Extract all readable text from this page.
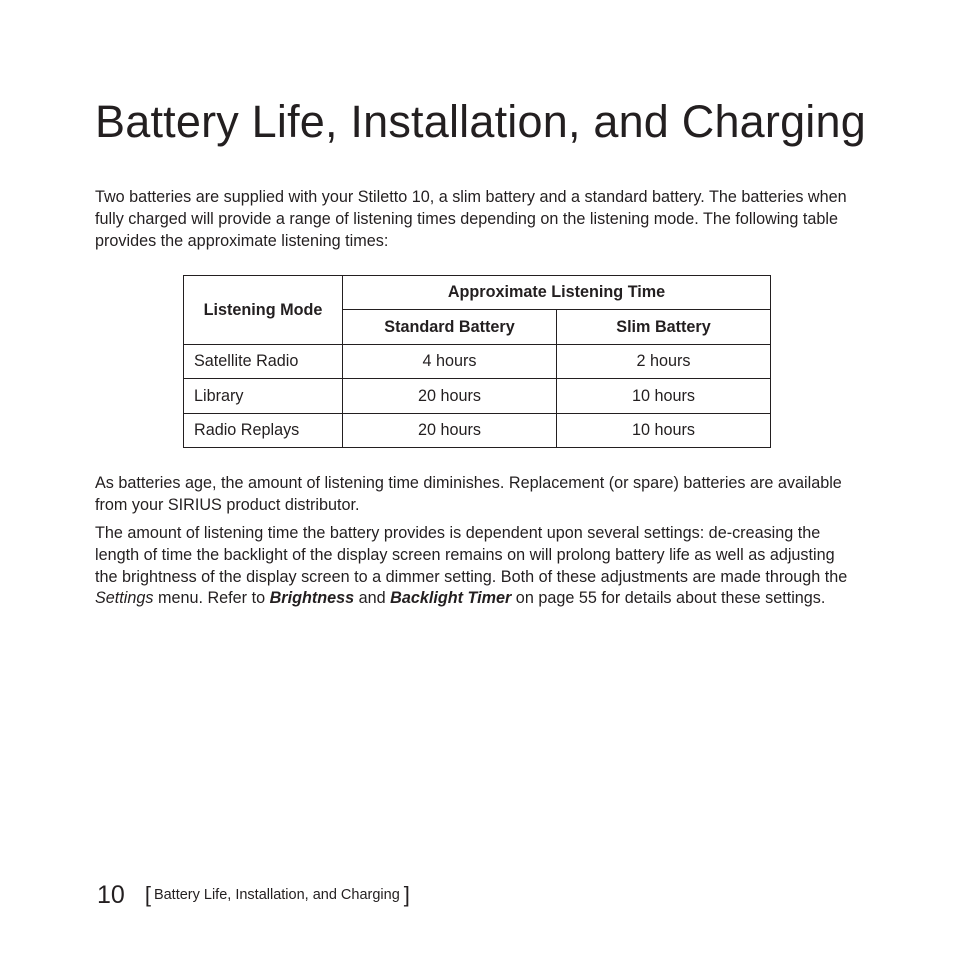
Battery Life, Installation, and Charging

Two batteries are supplied with your Stiletto 10, a slim battery and a standard battery. The batteries when fully charged will provide a range of listening times depending on the listening mode. The following table provides the approximate listening times:

Listening Mode	Approximate Listening Time	
	Standard Battery	Slim Battery
Satellite Radio	4 hours	2 hours
Library	20 hours	10 hours
Radio Replays	20 hours	10 hours

As batteries age, the amount of listening time diminishes. Replacement (or spare) batteries are available from your SIRIUS product distributor.

The amount of listening time the battery provides is dependent upon several settings: de-creasing the length of time the backlight of the display screen remains on will prolong battery life as well as adjusting the brightness of the display screen to a dimmer setting. Both of these adjustments are made through the Settings menu. Refer to Brightness and Backlight Timer on page 55 for details about these settings.

10 [ Battery Life, Installation, and Charging ]
